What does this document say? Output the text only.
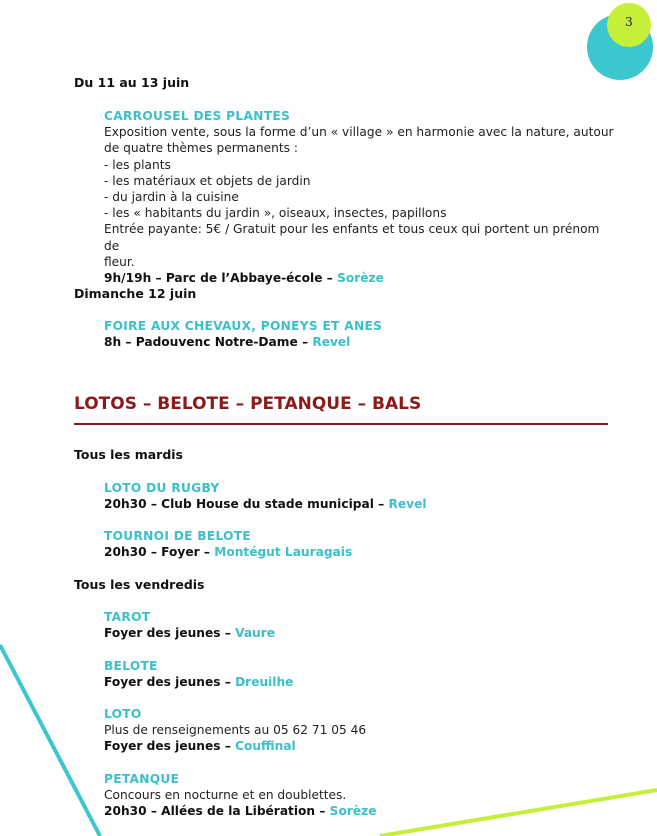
3
Du 11 au 13 juin
CARROUSEL DES PLANTES
Exposition vente, sous la forme d’un « village » en harmonie avec la nature, autour
de quatre thèmes permanents :
- les plants
- les matériaux et objets de jardin
- du jardin à la cuisine
- les « habitants du jardin », oiseaux, insectes, papillons
Entrée payante: 5€ / Gratuit pour les enfants et tous ceux qui portent un prénom de
fleur.
9h/19h – Parc de l’Abbaye-école – Sorèze
Dimanche 12 juin
FOIRE AUX CHEVAUX, PONEYS ET ANES
8h – Padouvenc Notre-Dame – Revel
LOTOS – BELOTE – PETANQUE – BALS
Tous les mardis
LOTO DU RUGBY
20h30 – Club House du stade municipal – Revel
TOURNOI DE BELOTE
20h30 – Foyer – Montégut Lauragais
Tous les vendredis
TAROT
Foyer des jeunes – Vaure
BELOTE
Foyer des jeunes – Dreuilhe
LOTO
Plus de renseignements au 05 62 71 05 46
Foyer des jeunes – Couffinal
PETANQUE
Concours en nocturne et en doublettes.
20h30 – Allées de la Libération – Sorèze
